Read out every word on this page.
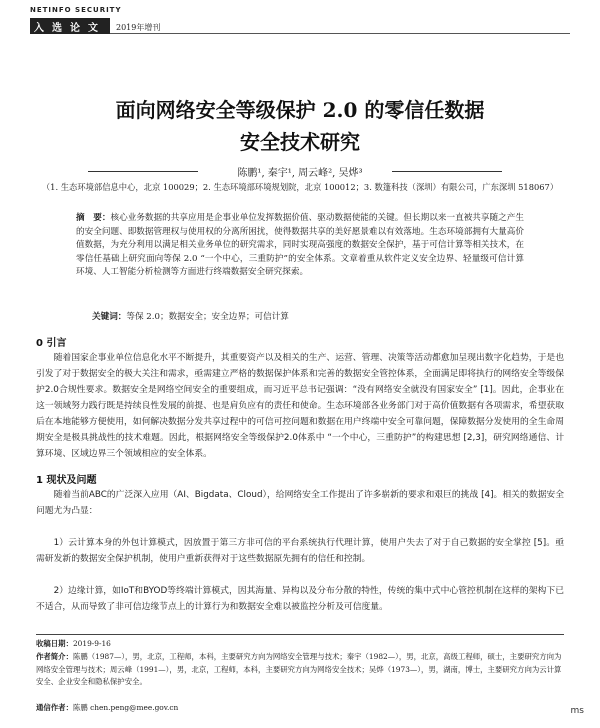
NETINFO SECURITY
入选论文	2019年增刊
面向网络安全等级保护 2.0 的零信任数据
安全技术研究
陈鹏¹, 秦宇¹, 周云峰², 吴烨³
（1. 生态环境部信息中心，北京 100029；2. 生态环境部环境规划院，北京 100012；3. 数篷科技（深圳）有限公司，广东深圳 518067）
摘　要：核心业务数据的共享应用是企事业单位发挥数据价值、驱动数据使能的关键。但长期以来一直被共享随之产生的安全问题、即数据管理权与使用权的分离所困扰，使得数据共享的美好愿景难以有效落地。生态环境部拥有大量高价值数据，为充分利用以满足相关业务单位的研究需求，同时实现高强度的数据安全保护，基于可信计算等相关技术，在零信任基础上研究面向等保 2.0 “一个中心，三重防护”的安全体系。文章着重从软件定义安全边界、轻量级可信计算环境、人工智能分析检测等方面进行终端数据安全研究探索。
关键词：等保 2.0；数据安全；安全边界；可信计算
0 引言
随着国家企事业单位信息化水平不断提升，其重要资产以及相关的生产、运营、管理、决策等活动都愈加呈现出数字化趋势，于是也引发了对于数据安全的极大关注和需求，亟需建立严格的数据保护体系和完善的数据安全管控体系，全面满足即将执行的网络安全等级保护2.0合规性要求。数据安全是网络空间安全的重要组成，而习近平总书记强调：“没有网络安全就没有国家安全” [1]。因此，企事业在这一领域努力践行既是持续良性发展的前提、也是肩负应有的责任和使命。生态环境部各业务部门对于高价值数据有各项需求，希望获取后在本地能够方便使用，如何解决数据分发共享过程中的可信可控问题和数据在用户终端中安全可靠问题，保障数据分发使用的全生命周期安全是极具挑战性的技术难题。因此，根据网络安全等级保护2.0体系中 “一个中心，三重防护”的构建思想 [2,3]，研究网络通信、计算环境、区域边界三个领域相应的安全体系。
1 现状及问题
随着当前ABC的广泛深入应用（AI、Bigdata、Cloud），给网络安全工作提出了许多崭新的要求和艰巨的挑战 [4]。相关的数据安全问题尤为凸显：
1）云计算本身的外包计算模式，因放置于第三方非可信的平台系统执行代理计算，使用户失去了对于自己数据的安全掌控 [5]。亟需研发新的数据安全保护机制，使用户重新获得对于这些数据原先拥有的信任和控制。
2）边缘计算，如IoT和BYOD等终端计算模式，因其海量、异构以及分布分散的特性，传统的集中式中心管控机制在这样的架构下已不适合，从而导致了非可信边缘节点上的计算行为和数据安全难以被监控分析及可信度量。
收稿日期：2019-9-16
作者简介：陈鹏（1987—），男，北京，工程师，本科，主要研究方向为网络安全管理与技术；秦宇（1982—），男，北京，高级工程师，硕士，主要研究方向为网络安全管理与技术；周云峰（1991—），男，北京，工程师，本科，主要研究方向为网络安全技术；吴烨（1973—），男，湖南，博士，主要研究方向为云计算安全、企业安全和隐私保护安全。
通信作者：陈鹏 chen.peng@mee.gov.cn	ms
